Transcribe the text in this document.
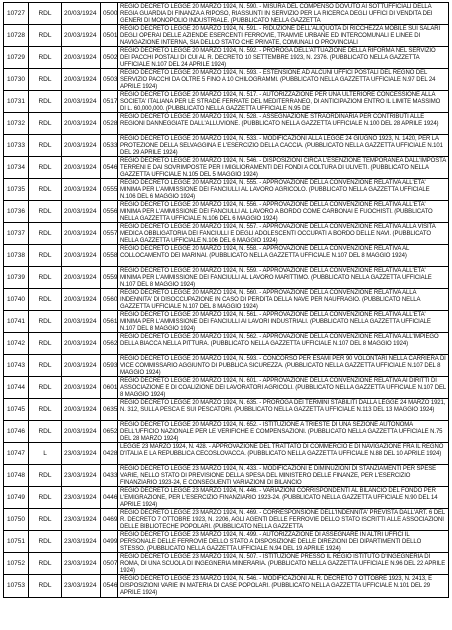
10727	RDL	20/03/1924 0500
REGIO DECRETO LEGGE 20 MARZO 1924, N. 590. - MISURA DEL COMPENSO DOVUTO AI SOTTUFFICIALI DELLA REGIA GUARDIA DI FINANZA A RIPOSO, RIASSUNTI IN SERVIZIO PER LA RICERCA DEGLI UFFICI DI VENDITA DEI GENERI DI MONOPOLIO INDUSTRIALE. (PUBBLICATO NELLA GAZZETTA
10728	RDL	20/03/1924 0501
REGIO DECRETO LEGGE 20 MARZO 1924, N. 591. - RIDUZIONE DELL'ALIQUOTA DI RICCHEZZA MOBILE SUI SALARI DEGLI OPERAI DELLE AZIENDE ESERCENTI FERROVIE, TRAMVIE URBANE ED INTERCOMUNALI E LINEE DI NAVIGAZIONE INTERNA, SIA DELLO STATO CHE PRIVATE, COMUNALI O PROVINCIALI
10729	RDL	20/03/1924 0502
REGIO DECRETO LEGGE 20 MARZO 1924, N. 592. - PROROGA DELL'ATTUAZIONE DELLA RIFORMA NEL SERVIZIO DEI PACCHI POSTALI DI CUI AL R. DECRETO 10 SETTEMBRE 1923, N. 2376. (PUBBLICATO NELLA GAZZETTA UFFICIALE N.107 DEL 24 APRILE 1924)
10730	RDL	20/03/1924 0503
REGIO DECRETO LEGGE 20 MARZO 1924, N. 593. - ESTENSIONE AD ALCUNI UFFICI POSTALI DEL REGNO DEL SERVIZIO PACCHI DA OLTRE 5 FINO A 10 CHILOGRAMMI. (PUBBLICATO NELLA GAZZETTA UFFICIALE N.97 DEL 24 APRILE 1924)
10731	RDL	20/03/1924 0517
REGIO DECRETO LEGGE 20 MARZO 1924, N. 517. - AUTORIZZAZIONE PER UNA ULTERIORE CONCESSIONE ALLA SOCIETA' ITALIANA PER LE STRADE FERRATE DEL MEDITERRANEO, DI ANTICIPAZIONI ENTRO IL LIMITE MASSIMO DI L. 60,000,000. (PUBBLICATO NELLA GAZZETTA UFFICIALE N.95 DE
10732	RDL	20/03/1924 0528
REGIO DECRETO LEGGE 20 MARZO 1924, N. 528. - ASSEGNAZIONE STRAORDINARIA PER CONTRIBUTI ALLE REGIONI DANNEGGIATE DALL'ALLUVIONE. (PUBBLICATO NELLA GAZZETTA UFFICIALE N.100 DEL 28 APRILE 1924)
10733	RDL	20/03/1924 0533
REGIO DECRETO LEGGE 20 MARZO 1924, N. 533. - MODIFICAZIONI ALLA LEGGE 24 GIUGNO 1923, N. 1420, PER LA PROTEZIONE DELLA SELVAGGINA E L'ESERCIZIO DELLA CACCIA. (PUBBLICATO NELLA GAZZETTA UFFICIALE N.101 DEL 29 APRILE 1924)
10734	RDL	20/03/1924 0546
REGIO DECRETO LEGGE 20 MARZO 1924, N. 546. - DISPOSIZIONI CIRCA L'ESENZIONE TEMPORANEA DALL'IMPOSTA TERRENI E DAI SOVRIMPOSTE PER I MIGLIORAMENTI DEI FONDI A COLTURA DI ULIVETI. (PUBBLICATO NELLA GAZZETTA UFFICIALE N.105 DEL 5 MAGGIO 1924)
10735	RDL	20/03/1924 0555
REGIO DECRETO LEGGE 20 MARZO 1924, N. 555. - APPROVAZIONE DELLA CONVENZIONE RELATIVA ALL'ETA' MINIMA PER L'AMMISSIONE DEI FANCIULLI AL LAVORO AGRICOLO. (PUBBLICATO NELLA GAZZETTA UFFICIALE N.106 DEL 6 MAGGIO 1924)
10736	RDL	20/03/1924 0556
REGIO DECRETO LEGGE 20 MARZO 1924, N. 556. - APPROVAZIONE DELLA CONVENZIONE RELATIVA ALL'ETA' MINIMA PER L'AMMISSIONE DEI FANCIULLI AL LAVORO A BORDO COME CARBONAI E FUOCHISTI. (PUBBLICATO NELLA GAZZETTA UFFICIALE N.106 DEL 6 MAGGIO 1924)
10737	RDL	20/03/1924 0557
REGIO DECRETO LEGGE 20 MARZO 1924, N. 557. - APPROVAZIONE DELLA CONVENZIONE RELATIVA ALLA VISITA MEDICA OBBLIGATORIA DEI FANCIULLI E DEGLI ADOLESCENTI OCCUPATI A BORDO DELLE NAVI. (PUBBLICATO NELLA GAZZETTA UFFICIALE N.106 DEL 6 MAGGIO 1924)
10738	RDL	20/03/1924 0558
REGIO DECRETO LEGGE 20 MARZO 1924, N. 558. - APPROVAZIONE DELLA CONVENZIONE RELATIVA AL COLLOCAMENTO DEI MARINAI. (PUBBLICATO NELLA GAZZETTA UFFICIALE N.107 DEL 8 MAGGIO 1924)
10739	RDL	20/03/1924 0559
REGIO DECRETO LEGGE 20 MARZO 1924, N. 559. - APPROVAZIONE DELLA CONVENZIONE RELATIVA ALL'ETA' MINIMA PER L'AMMISSIONE DEI FANCIULLI AL LAVORO MARITTIMO. (PUBBLICATO NELLA GAZZETTA UFFICIALE N.107 DEL 8 MAGGIO 1924)
10740	RDL	20/03/1924 0560
REGIO DECRETO LEGGE 20 MARZO 1924, N. 560. - APPROVAZIONE DELLA CONVENZIONE RELATIVA ALLA INDENNITA' DI DISOCCUPAZIONE IN CASO DI PERDITA DELLA NAVE PER NAUFRAGIO. (PUBBLICATO NELLA GAZZETTA UFFICIALE N.107 DEL 8 MAGGIO 1924)
10741	RDL	20/03/1924 0561
REGIO DECRETO LEGGE 20 MARZO 1924, N. 561. - APPROVAZIONE DELLA CONVENZIONE RELATIVA ALL'ETA' MINIMA PER L'AMMISSIONE DEI FANCIULLI AI LAVORI INDUSTRIALI. (PUBBLICATO NELLA GAZZETTA UFFICIALE N.107 DEL 8 MAGGIO 1924)
10742	RDL	20/03/1924 0562
REGIO DECRETO LEGGE 20 MARZO 1924, N. 562. - APPROVAZIONE DELLA CONVENZIONE RELATIVA ALL'IMPIEGO DELLA BIACCA NELLA PITTURA. (PUBBLICATO NELLA GAZZETTA UFFICIALE N.107 DEL 8 MAGGIO 1924)
10743	RDL	20/03/1924 0593
REGIO DECRETO LEGGE 20 MARZO 1924, N. 593. - CONCORSO PER ESAMI PER 90 VOLONTARI NELLA CARRIERA DI VICE COMMISSARIO AGGIUNTO DI PUBBLICA SICUREZZA. (PUBBLICATO NELLA GAZZETTA UFFICIALE N.107 DEL 8 MAGGIO 1924)
10744	RDL	20/03/1924 0601
REGIO DECRETO LEGGE 20 MARZO 1924, N. 601. - APPROVAZIONE DELLA CONVENZIONE RELATIVA AI DIRITTI DI ASSOCIAZIONE E DI COALIZIONE DEI LAVORATORI AGRICOLI. (PUBBLICATO NELLA GAZZETTA UFFICIALE N.107 DEL 8 MAGGIO 1924)
10745	RDL	20/03/1924 0635
REGIO DECRETO LEGGE 20 MARZO 1924, N. 635. - PROROGA DEI TERMINI STABILITI DALLA LEGGE 24 MARZO 1921, N. 312, SULLA PESCA E SUI PESCATORI. (PUBBLICATO NELLA GAZZETTA UFFICIALE N.113 DEL 13 MAGGIO 1924)
10746	RDL	20/03/1924 0652
REGIO DECRETO LEGGE 20 MARZO 1924, N. 652. - ISTITUZIONE A TRIESTE DI UNA SEZIONE AUTONOMA DELL'UFFICIO NAZIONALE PER LE VERIFICHE E COMPENSAZIONI. (PUBBLICATO NELLA GAZZETTA UFFICIALE N.75 DEL 28 MARZO 1924)
10747	L	23/03/1924 0428
LEGGE 23 MARZO 1924, N. 428. - APPROVAZIONE DEL TRATTATO DI COMMERCIO E DI NAVIGAZIONE FRA IL REGNO D'ITALIA E LA REPUBBLICA CECOSLOVACCA. (PUBBLICATO NELLA GAZZETTA UFFICIALE N.88 DEL 10 APRILE 1924)
10748	RDL	23/03/1924 0433
REGIO DECRETO LEGGE 23 MARZO 1924, N. 433. - MODIFICAZIONI E DIMINUZIONI DI STANZIAMENTI PER SPESE VARIE, NELLO STATO DI PREVISIONE DELLA SPESA DEL MINISTERO DELLE FINANZE, PER L'ESERCIZIO FINANZIARIO 1923-24, E CONSEGUENTI VARIAZIONI DI BILANCIO
10749	RDL	23/03/1924 0446
REGIO DECRETO LEGGE 23 MARZO 1924, N. 446. - VARIAZIONI CORRISPONDENTI AL BILANCIO DEL FONDO PER L'EMIGRAZIONE, PER L'ESERCIZIO FINANZIARIO 1923-24. (PUBBLICATO NELLA GAZZETTA UFFICIALE N.90 DEL 14 APRILE 1924)
10750	RDL	23/03/1924 0469
REGIO DECRETO LEGGE 23 MARZO 1924, N. 469. - CORRESPONSIONE DELL'INDENNITA' PREVISTA DALL'ART. 6 DEL R. DECRETO 7 OTTOBRE 1923, N. 2206, AGLI AGENTI DELLE FERROVIE DELLO STATO ISCRITTI ALLE ASSOCIAZIONI DELLE BIBLIOTECHE POPOLARI. (PUBBLICATO NELLA GAZZETTA
10751	RDL	23/03/1924 0499
REGIO DECRETO LEGGE 23 MARZO 1924, N. 499. - AUTORIZZAZIONE DI ASSEGNARE IN ALTRI UFFICI IL PERSONALE DELLE FERROVIE DELLO STATO A DISPOSIZIONE DELLE DIREZIONI DEI DIPARTIMENTI DELLO STESSO. (PUBBLICATO NELLA GAZZETTA UFFICIALE N.94 DEL 19 APRILE 1924)
10752	RDL	23/03/1924 0507
REGIO DECRETO LEGGE 23 MARZO 1924, N. 507. - ISTITUZIONE PRESSO IL REGIO ISTITUTO D'INGEGNERIA DI ROMA, DI UNA SCUOLA DI INGEGNERIA MINERARIA. (PUBBLICATO NELLA GAZZETTA UFFICIALE N.96 DEL 22 APRILE 1924)
10753	RDL	23/03/1924 0546
REGIO DECRETO LEGGE 23 MARZO 1924, N. 546. - MODIFICAZIONI AL R. DECRETO 7 OTTOBRE 1923, N. 2413, E DISPOSIZIONI VARIE IN MATERIA DI CASE POPOLARI. (PUBBLICATO NELLA GAZZETTA UFFICIALE N.101 DEL 29 APRILE 1924)
